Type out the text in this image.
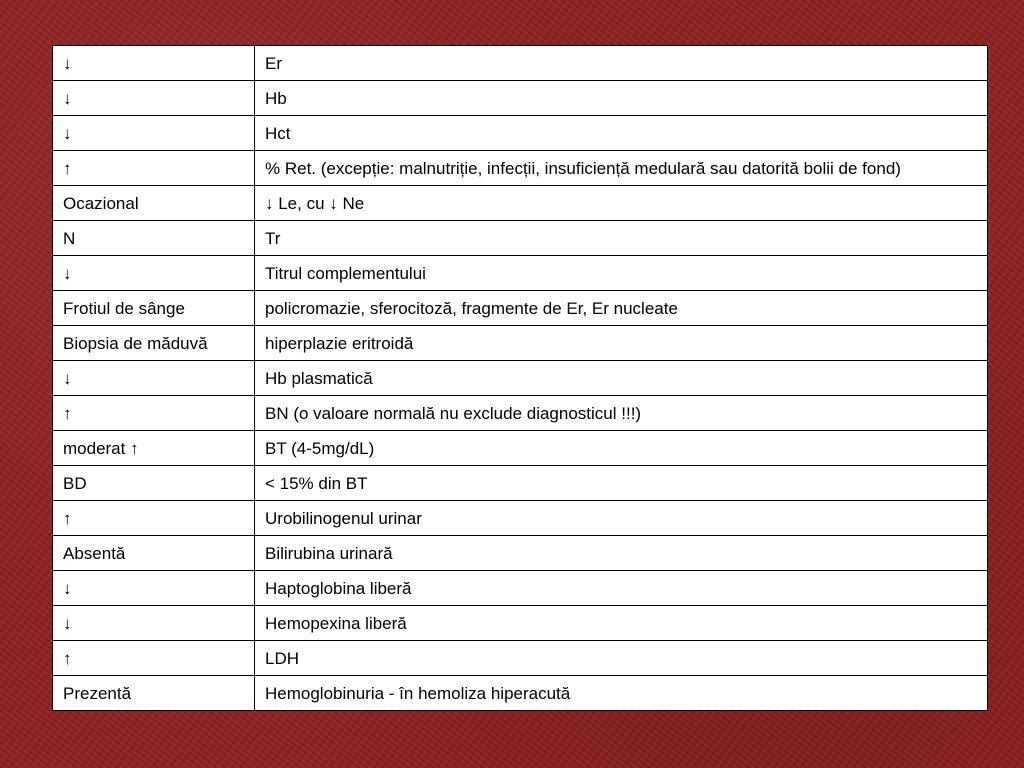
↓	Er
↓	Hb
↓	Hct
↑	% Ret. (excepție: malnutriție, infecții, insuficiență medulară sau datorită bolii de fond)
Ocazional	↓ Le, cu ↓ Ne
N	Tr
↓	Titrul complementului
Frotiul de sânge	policromazie, sferocitoză, fragmente de Er, Er nucleate
Biopsia de măduvă	hiperplazie eritroidă
↓	Hb plasmatică
↑	BN (o valoare normală nu exclude diagnosticul !!!)
moderat ↑	BT (4-5mg/dL)
BD	< 15% din BT
↑	Urobilinogenul urinar
Absentă	Bilirubina urinară
↓	Haptoglobina liberă
↓	Hemopexina liberă
↑	LDH
Prezentă	Hemoglobinuria - în hemoliza hiperacută
